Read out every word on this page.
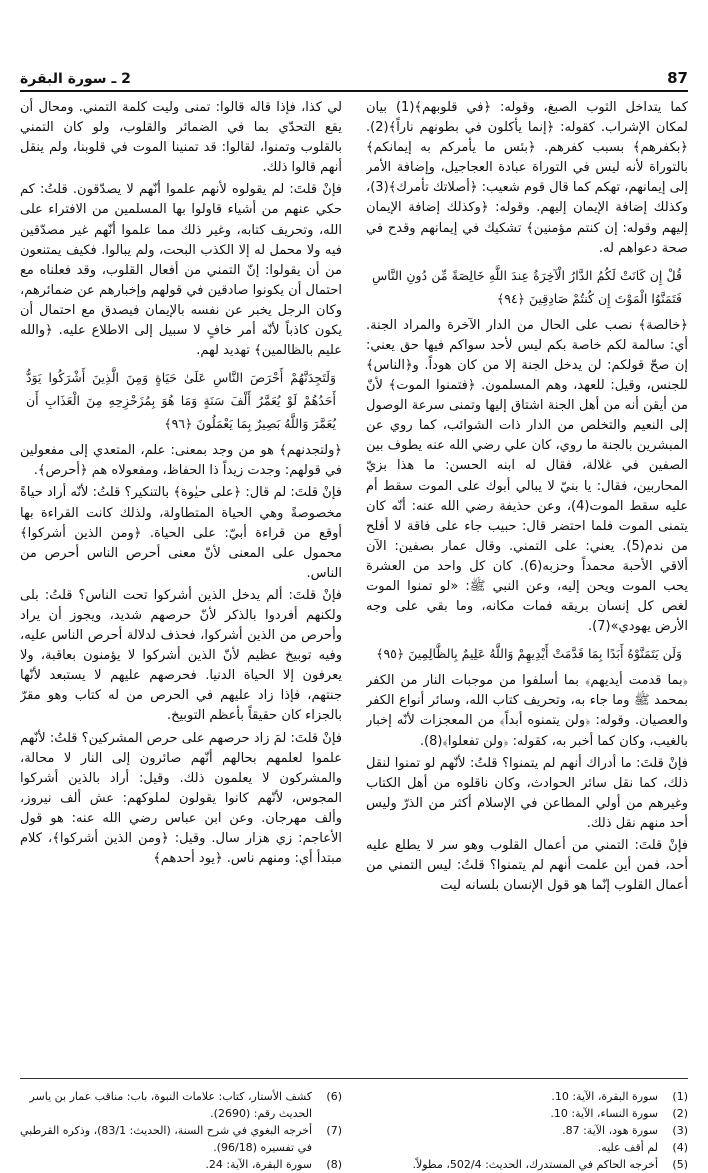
87
2 ـ سورة البقرة

كما يتداخل الثوب الصبغ، وقوله: ﴿في قلوبهم﴾(1) بيان لمكان الإشراب. كقوله: ﴿إنما يأكلون في بطونهم ناراً﴾(2). ﴿بكفرهم﴾ بسبب كفرهم. ﴿بئس ما يأمركم به إيمانكم﴾ بالتوراة لأنه ليس في التوراة عبادة العجاجيل، وإضافة الأمر إلى إيمانهم، تهكم كما قال قوم شعيب: ﴿أصلاتك تأمرك﴾(3)، وكذلك إضافة الإيمان إليهم. وقوله: ﴿وكذلك إضافة الإيمان إليهم وقوله: إن كنتم مؤمنين﴾ تشكيك في إيمانهم وقدح في صحة دعواهم له.

قُلْ إِن كَانَتْ لَكُمُ الدَّارُ الْآخِرَةُ عِندَ اللَّهِ خَالِصَةً مِّن دُونِ النَّاسِ فَتَمَنَّوُا الْمَوْتَ إِن كُنتُمْ صَادِقِينَ ﴿٩٤﴾

﴿خالصة﴾ نصب على الحال من الدار الآخرة والمراد الجنة. أي: سالمة لكم خاصة بكم ليس لأحد سواكم فيها حق يعني: إن صحّ قولكم: لن يدخل الجنة إلا من كان هوداً. و﴿الناس﴾ للجنس، وقيل: للعهد، وهم المسلمون. ﴿فتمنوا الموت﴾ لأنّ من أيقن أنه من أهل الجنة اشتاق إليها وتمنى سرعة الوصول إلى النعيم والتخلص من الدار ذات الشوائب، كما روي عن المبشرين بالجنة ما روي، كان علي رضي الله عنه يطوف بين الصفين في غلالة، فقال له ابنه الحسن: ما هذا بزيّ المحاربين، فقال: يا بنيّ لا يبالي أبوك على الموت سقط أم عليه سقط الموت(4)، وعن حذيفة رضي الله عنه: أنّه كان يتمنى الموت فلما احتضر قال: حبيب جاء على فاقة لا أفلح من ندم(5). يعني: على التمني. وقال عمار بصفين: الآن ألاقي الأحبة محمداً وحزبه(6). كان كل واحد من العشرة يحب الموت ويحن إليه، وعن النبي ﷺ: «لو تمنوا الموت لغص كل إنسان بريقه فمات مكانه، وما بقي على وجه الأرض يهودي»(7).

وَلَن يَتَمَنَّوْهُ أَبَدًا بِمَا قَدَّمَتْ أَيْدِيهِمْ وَاللَّهُ عَلِيمٌ بِالظَّالِمِينَ ﴿٩٥﴾

﴿بما قدمت أيديهم﴾ بما أسلفوا من موجبات النار من الكفر بمحمد ﷺ وما جاء به، وتحريف كتاب الله، وسائر أنواع الكفر والعصيان. وقوله: ﴿ولن يتمنوه أبداً﴾ من المعجزات لأنّه إخبار بالغيب، وكان كما أخبر به، كقوله: ﴿ولن تفعلوا﴾(8).

فإنْ قلتَ: ما أدراك أنهم لم يتمنوا؟ قلتُ: لأنّهم لو تمنوا لنقل ذلك، كما نقل سائر الحوادث، وكان ناقلوه من أهل الكتاب وغيرهم من أولي المطاعن في الإسلام أكثر من الذرّ وليس أحد منهم نقل ذلك.

فإنْ قلتَ: التمني من أعمال القلوب وهو سر لا يطلع عليه أحد، فمن أين علمت أنهم لم يتمنوا؟ قلتُ: ليس التمني من أعمال القلوب إنّما هو قول الإنسان بلسانه ليت

لي كذا، فإذا قاله قالوا: تمنى وليت كلمة التمني. ومحال أن يقع التحدّي بما في الضمائر والقلوب، ولو كان التمني بالقلوب وتمنوا، لقالوا: قد تمنينا الموت في قلوبنا، ولم ينقل أنهم قالوا ذلك.

فإنْ قلتَ: لم يقولوه لأنهم علموا أنّهم لا يصدّقون. قلتُ: كم حكي عنهم من أشياء قاولوا بها المسلمين من الافتراء على الله، وتحريف كتابه، وغير ذلك مما علموا أنّهم غير مصدّقين فيه ولا محمل له إلا الكذب البحت، ولم يبالوا. فكيف يمتنعون من أن يقولوا: إنّ التمني من أفعال القلوب، وقد فعلناه مع احتمال أن يكونوا صادقين في قولهم وإخبارهم عن ضمائرهم، وكان الرجل يخبر عن نفسه بالإيمان فيصدق مع احتمال أن يكون كاذباً لأنّه أمر خافٍ لا سبيل إلى الاطلاع عليه. ﴿والله عليم بالظالمين﴾ تهديد لهم.

وَلَتَجِدَنَّهُمْ أَحْرَصَ النَّاسِ عَلَىٰ حَيَاةٍ وَمِنَ الَّذِينَ أَشْرَكُوا يَوَدُّ أَحَدُهُمْ لَوْ يُعَمَّرُ أَلْفَ سَنَةٍ وَمَا هُوَ بِمُزَحْزِحِهِ مِنَ الْعَذَابِ أَن يُعَمَّرَ وَاللَّهُ بَصِيرٌ بِمَا يَعْمَلُونَ ﴿٩٦﴾

﴿ولتجدنهم﴾ هو من وجد بمعنى: علم، المتعدي إلى مفعولين في قولهم: وجدت زيداً ذا الحفاظ، ومفعولاه هم ﴿أحرص﴾.

فإنْ قلتَ: لم قال: ﴿على حيٰوة﴾ بالتنكير؟ قلتُ: لأنّه أراد حياةً مخصوصةً وهي الحياة المتطاولة، ولذلك كانت القراءة بها أوقع من قراءة أبيّ: على الحياة. ﴿ومن الذين أشركوا﴾ محمول على المعنى لأنّ معنى أحرص الناس أحرص من الناس.

فإنْ قلتَ: ألم يدخل الذين أشركوا تحت الناس؟ قلتُ: بلى ولكنهم أفردوا بالذكر لأنّ حرصهم شديد، ويجوز أن يراد وأحرص من الذين أشركوا، فحذف لدلالة أحرص الناس عليه، وفيه توبيخ عظيم لأنّ الذين أشركوا لا يؤمنون بعاقبة، ولا يعرفون إلا الحياة الدنيا. فحرصهم عليهم لا يستبعد لأنّها جنتهم، فإذا زاد عليهم في الحرص من له كتاب وهو مقرّ بالجزاء كان حقيقاً بأعظم التوبيخ.

فإنْ قلتَ: لمَ زاد حرصهم على حرص المشركين؟ قلتُ: لأنّهم علموا لعلمهم بحالهم أنّهم صائرون إلى النار لا محالة، والمشركون لا يعلمون ذلك. وقيل: أراد بالذين أشركوا المجوس، لأنّهم كانوا يقولون لملوكهم: عش ألف نيروز، وألف مهرجان. وعن ابن عباس رضي الله عنه: هو قول الأعاجم: زي هزار سال. وقيل: ﴿ومن الذين أشركوا﴾، كلام مبتدأ أي: ومنهم ناس. ﴿يود أحدهم﴾

(1)
سورة البقرة، الآية: 10.
(2)
سورة النساء، الآية: 10.
(3)
سورة هود، الآية: 87.
(4)
لم أقف عليه.
(5)
أخرجه الحاكم في المستدرك، الحديث: 502/4، مطولاً.
(6)
كشف الأستار، كتاب: علامات النبوة، باب: مناقب عمار بن ياسر الحديث رقم: (2690).
(7)
أخرجه البغوي في شرح السنة، (الحديث: 83/1)، وذكره القرطبي في تفسيره (96/18).
(8)
سورة البقرة، الآية: 24.
